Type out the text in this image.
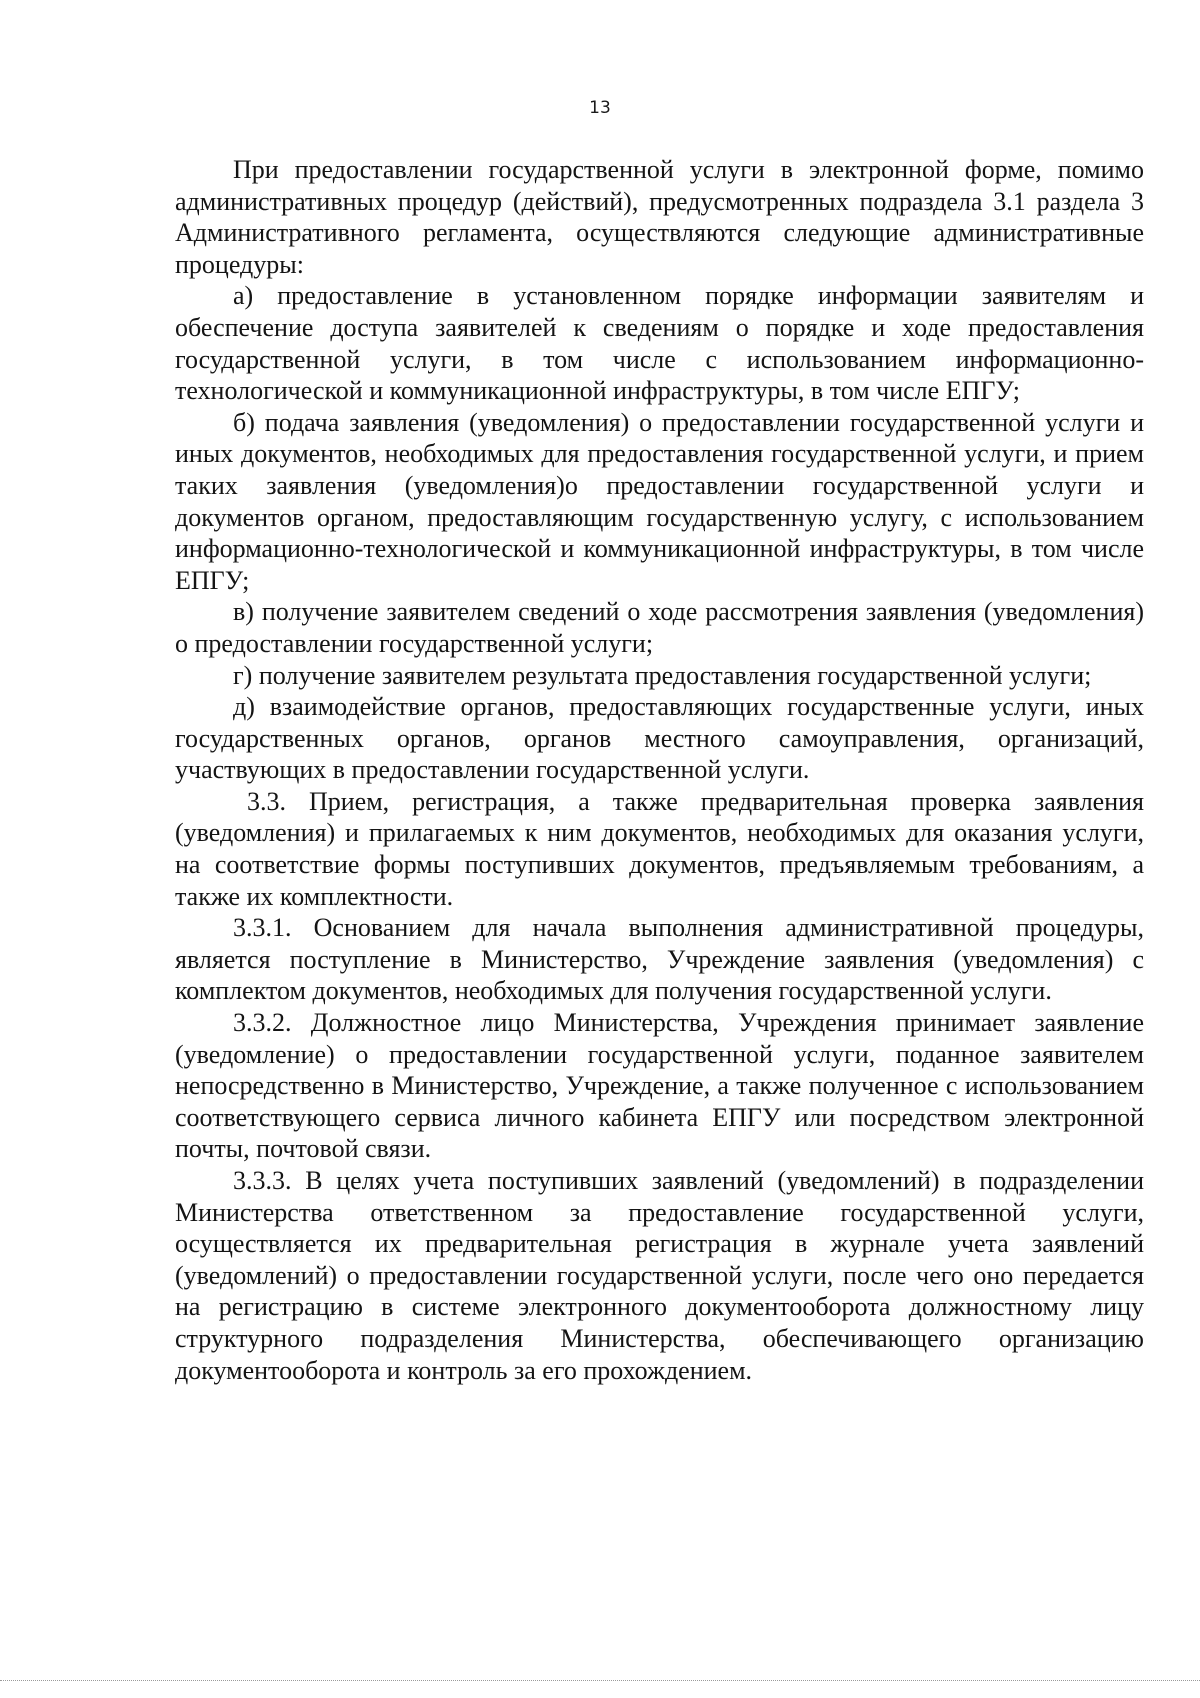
13

При предоставлении государственной услуги в электронной форме, помимо административных процедур (действий), предусмотренных подраздела 3.1 раздела 3 Административного регламента, осуществляются следующие административные процедуры:

а) предоставление в установленном порядке информации заявителям и обеспечение доступа заявителей к сведениям о порядке и ходе предоставления государственной услуги, в том числе с использованием информационно-технологической и коммуникационной инфраструктуры, в том числе ЕПГУ;

б) подача заявления (уведомления) о предоставлении государственной услуги и иных документов, необходимых для предоставления государственной услуги, и прием таких заявления (уведомления)о предоставлении государственной услуги и документов органом, предоставляющим государственную услугу, с использованием информационно-технологической и коммуникационной инфраструктуры, в том числе ЕПГУ;

в) получение заявителем сведений о ходе рассмотрения заявления (уведомления) о предоставлении государственной услуги;

г) получение заявителем результата предоставления государственной услуги;

д) взаимодействие органов, предоставляющих государственные услуги, иных государственных органов, органов местного самоуправления, организаций, участвующих в предоставлении государственной услуги.

3.3. Прием, регистрация, а также предварительная проверка заявления (уведомления) и прилагаемых к ним документов, необходимых для оказания услуги, на соответствие формы поступивших документов, предъявляемым требованиям, а также их комплектности.

3.3.1. Основанием для начала выполнения административной процедуры, является поступление в Министерство, Учреждение заявления (уведомления) с комплектом документов, необходимых для получения государственной услуги.

3.3.2. Должностное лицо Министерства, Учреждения принимает заявление (уведомление) о предоставлении государственной услуги, поданное заявителем непосредственно в Министерство, Учреждение, а также полученное с использованием соответствующего сервиса личного кабинета ЕПГУ или посредством электронной почты, почтовой связи.

3.3.3. В целях учета поступивших заявлений (уведомлений) в подразделении Министерства ответственном за предоставление государственной услуги, осуществляется их предварительная регистрация в журнале учета заявлений (уведомлений) о предоставлении государственной услуги, после чего оно передается на регистрацию в системе электронного документооборота должностному лицу структурного подразделения Министерства, обеспечивающего организацию документооборота и контроль за его прохождением.
